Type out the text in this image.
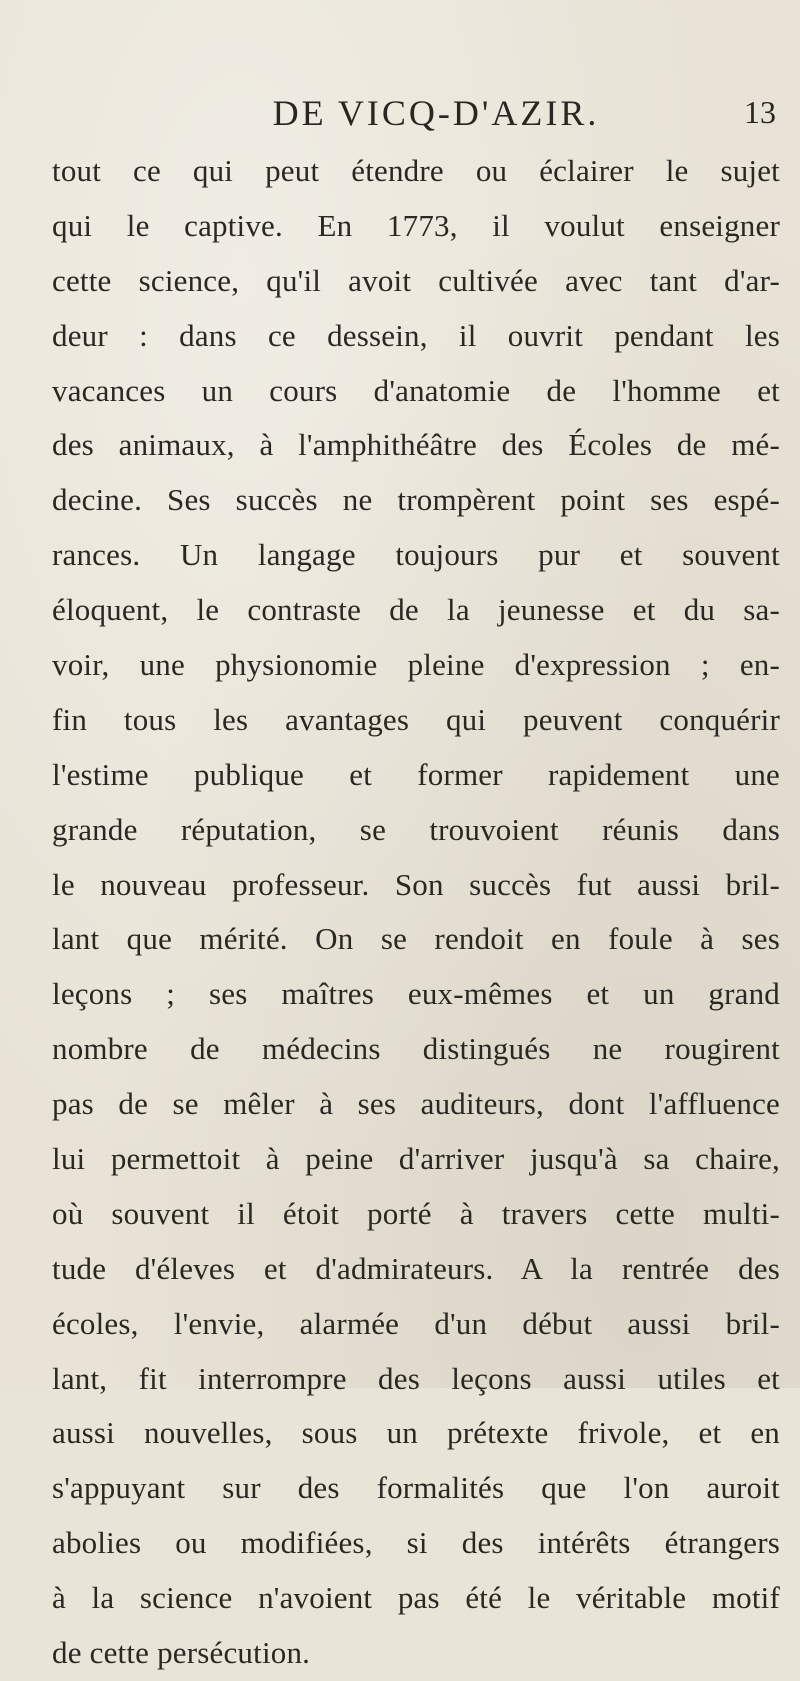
DE VICQ-D'AZIR.	13
tout ce qui peut étendre ou éclairer le sujet
qui le captive. En 1773, il voulut enseigner
cette science, qu'il avoit cultivée avec tant d'ar-
deur : dans ce dessein, il ouvrit pendant les
vacances un cours d'anatomie de l'homme et
des animaux, à l'amphithéâtre des Écoles de mé-
decine. Ses succès ne trompèrent point ses espé-
rances. Un langage toujours pur et souvent
éloquent, le contraste de la jeunesse et du sa-
voir, une physionomie pleine d'expression ; en-
fin tous les avantages qui peuvent conquérir
l'estime publique et former rapidement une
grande réputation, se trouvoient réunis dans
le nouveau professeur. Son succès fut aussi bril-
lant que mérité. On se rendoit en foule à ses
leçons ; ses maîtres eux-mêmes et un grand
nombre de médecins distingués ne rougirent
pas de se mêler à ses auditeurs, dont l'affluence
lui permettoit à peine d'arriver jusqu'à sa chaire,
où souvent il étoit porté à travers cette multi-
tude d'éleves et d'admirateurs. A la rentrée des
écoles, l'envie, alarmée d'un début aussi bril-
lant, fit interrompre des leçons aussi utiles et
aussi nouvelles, sous un prétexte frivole, et en
s'appuyant sur des formalités que l'on auroit
abolies ou modifiées, si des intérêts étrangers
à la science n'avoient pas été le véritable motif
de cette persécution.
